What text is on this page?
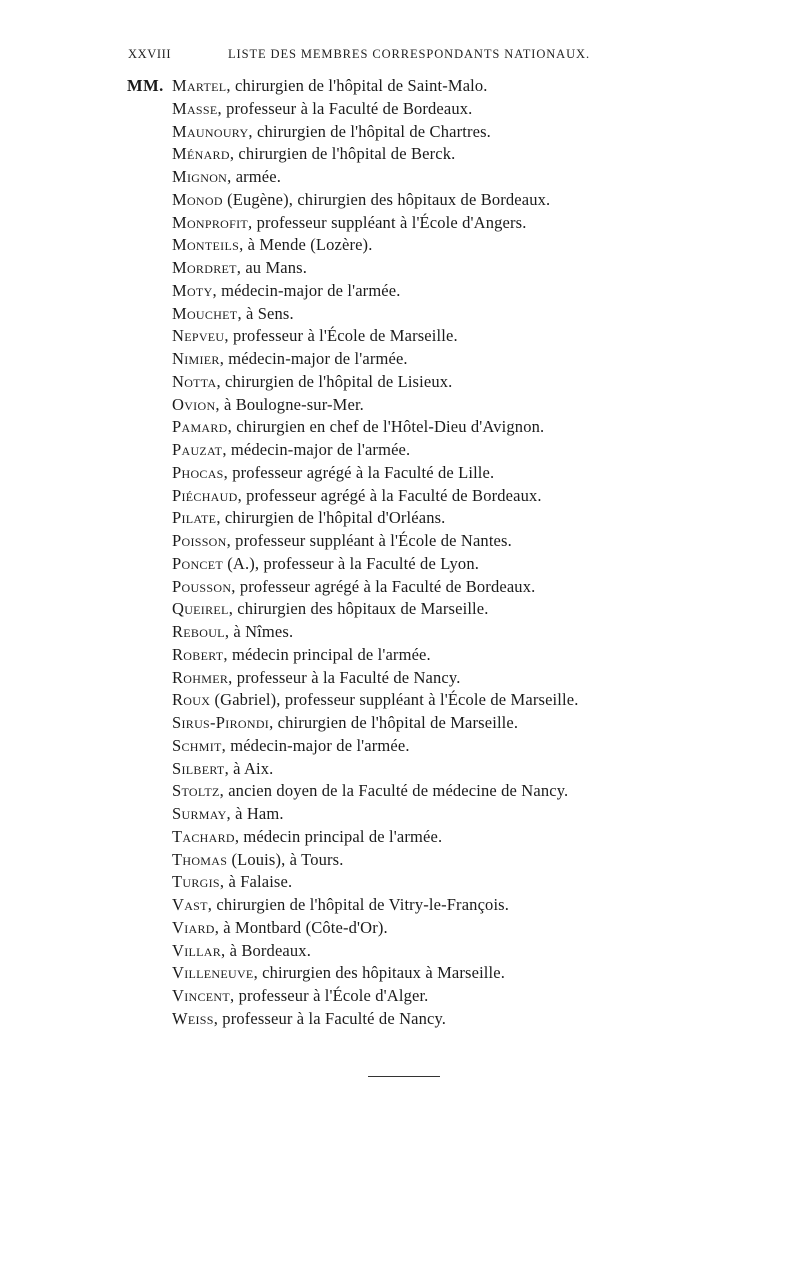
XXVIII	LISTE DES MEMBRES CORRESPONDANTS NATIONAUX.
MM. Martel, chirurgien de l'hôpital de Saint-Malo.
Masse, professeur à la Faculté de Bordeaux.
Maunoury, chirurgien de l'hôpital de Chartres.
Ménard, chirurgien de l'hôpital de Berck.
Mignon, armée.
Monod (Eugène), chirurgien des hôpitaux de Bordeaux.
Monprofit, professeur suppléant à l'École d'Angers.
Monteils, à Mende (Lozère).
Mordret, au Mans.
Moty, médecin-major de l'armée.
Mouchet, à Sens.
Nepveu, professeur à l'École de Marseille.
Nimier, médecin-major de l'armée.
Notta, chirurgien de l'hôpital de Lisieux.
Ovion, à Boulogne-sur-Mer.
Pamard, chirurgien en chef de l'Hôtel-Dieu d'Avignon.
Pauzat, médecin-major de l'armée.
Phocas, professeur agrégé à la Faculté de Lille.
Piéchaud, professeur agrégé à la Faculté de Bordeaux.
Pilate, chirurgien de l'hôpital d'Orléans.
Poisson, professeur suppléant à l'École de Nantes.
Poncet (A.), professeur à la Faculté de Lyon.
Pousson, professeur agrégé à la Faculté de Bordeaux.
Queirel, chirurgien des hôpitaux de Marseille.
Reboul, à Nîmes.
Robert, médecin principal de l'armée.
Rohmer, professeur à la Faculté de Nancy.
Roux (Gabriel), professeur suppléant à l'École de Marseille.
Sirus-Pirondi, chirurgien de l'hôpital de Marseille.
Schmit, médecin-major de l'armée.
Silbert, à Aix.
Stoltz, ancien doyen de la Faculté de médecine de Nancy.
Surmay, à Ham.
Tachard, médecin principal de l'armée.
Thomas (Louis), à Tours.
Turgis, à Falaise.
Vast, chirurgien de l'hôpital de Vitry-le-François.
Viard, à Montbard (Côte-d'Or).
Villar, à Bordeaux.
Villeneuve, chirurgien des hôpitaux à Marseille.
Vincent, professeur à l'École d'Alger.
Weiss, professeur à la Faculté de Nancy.
